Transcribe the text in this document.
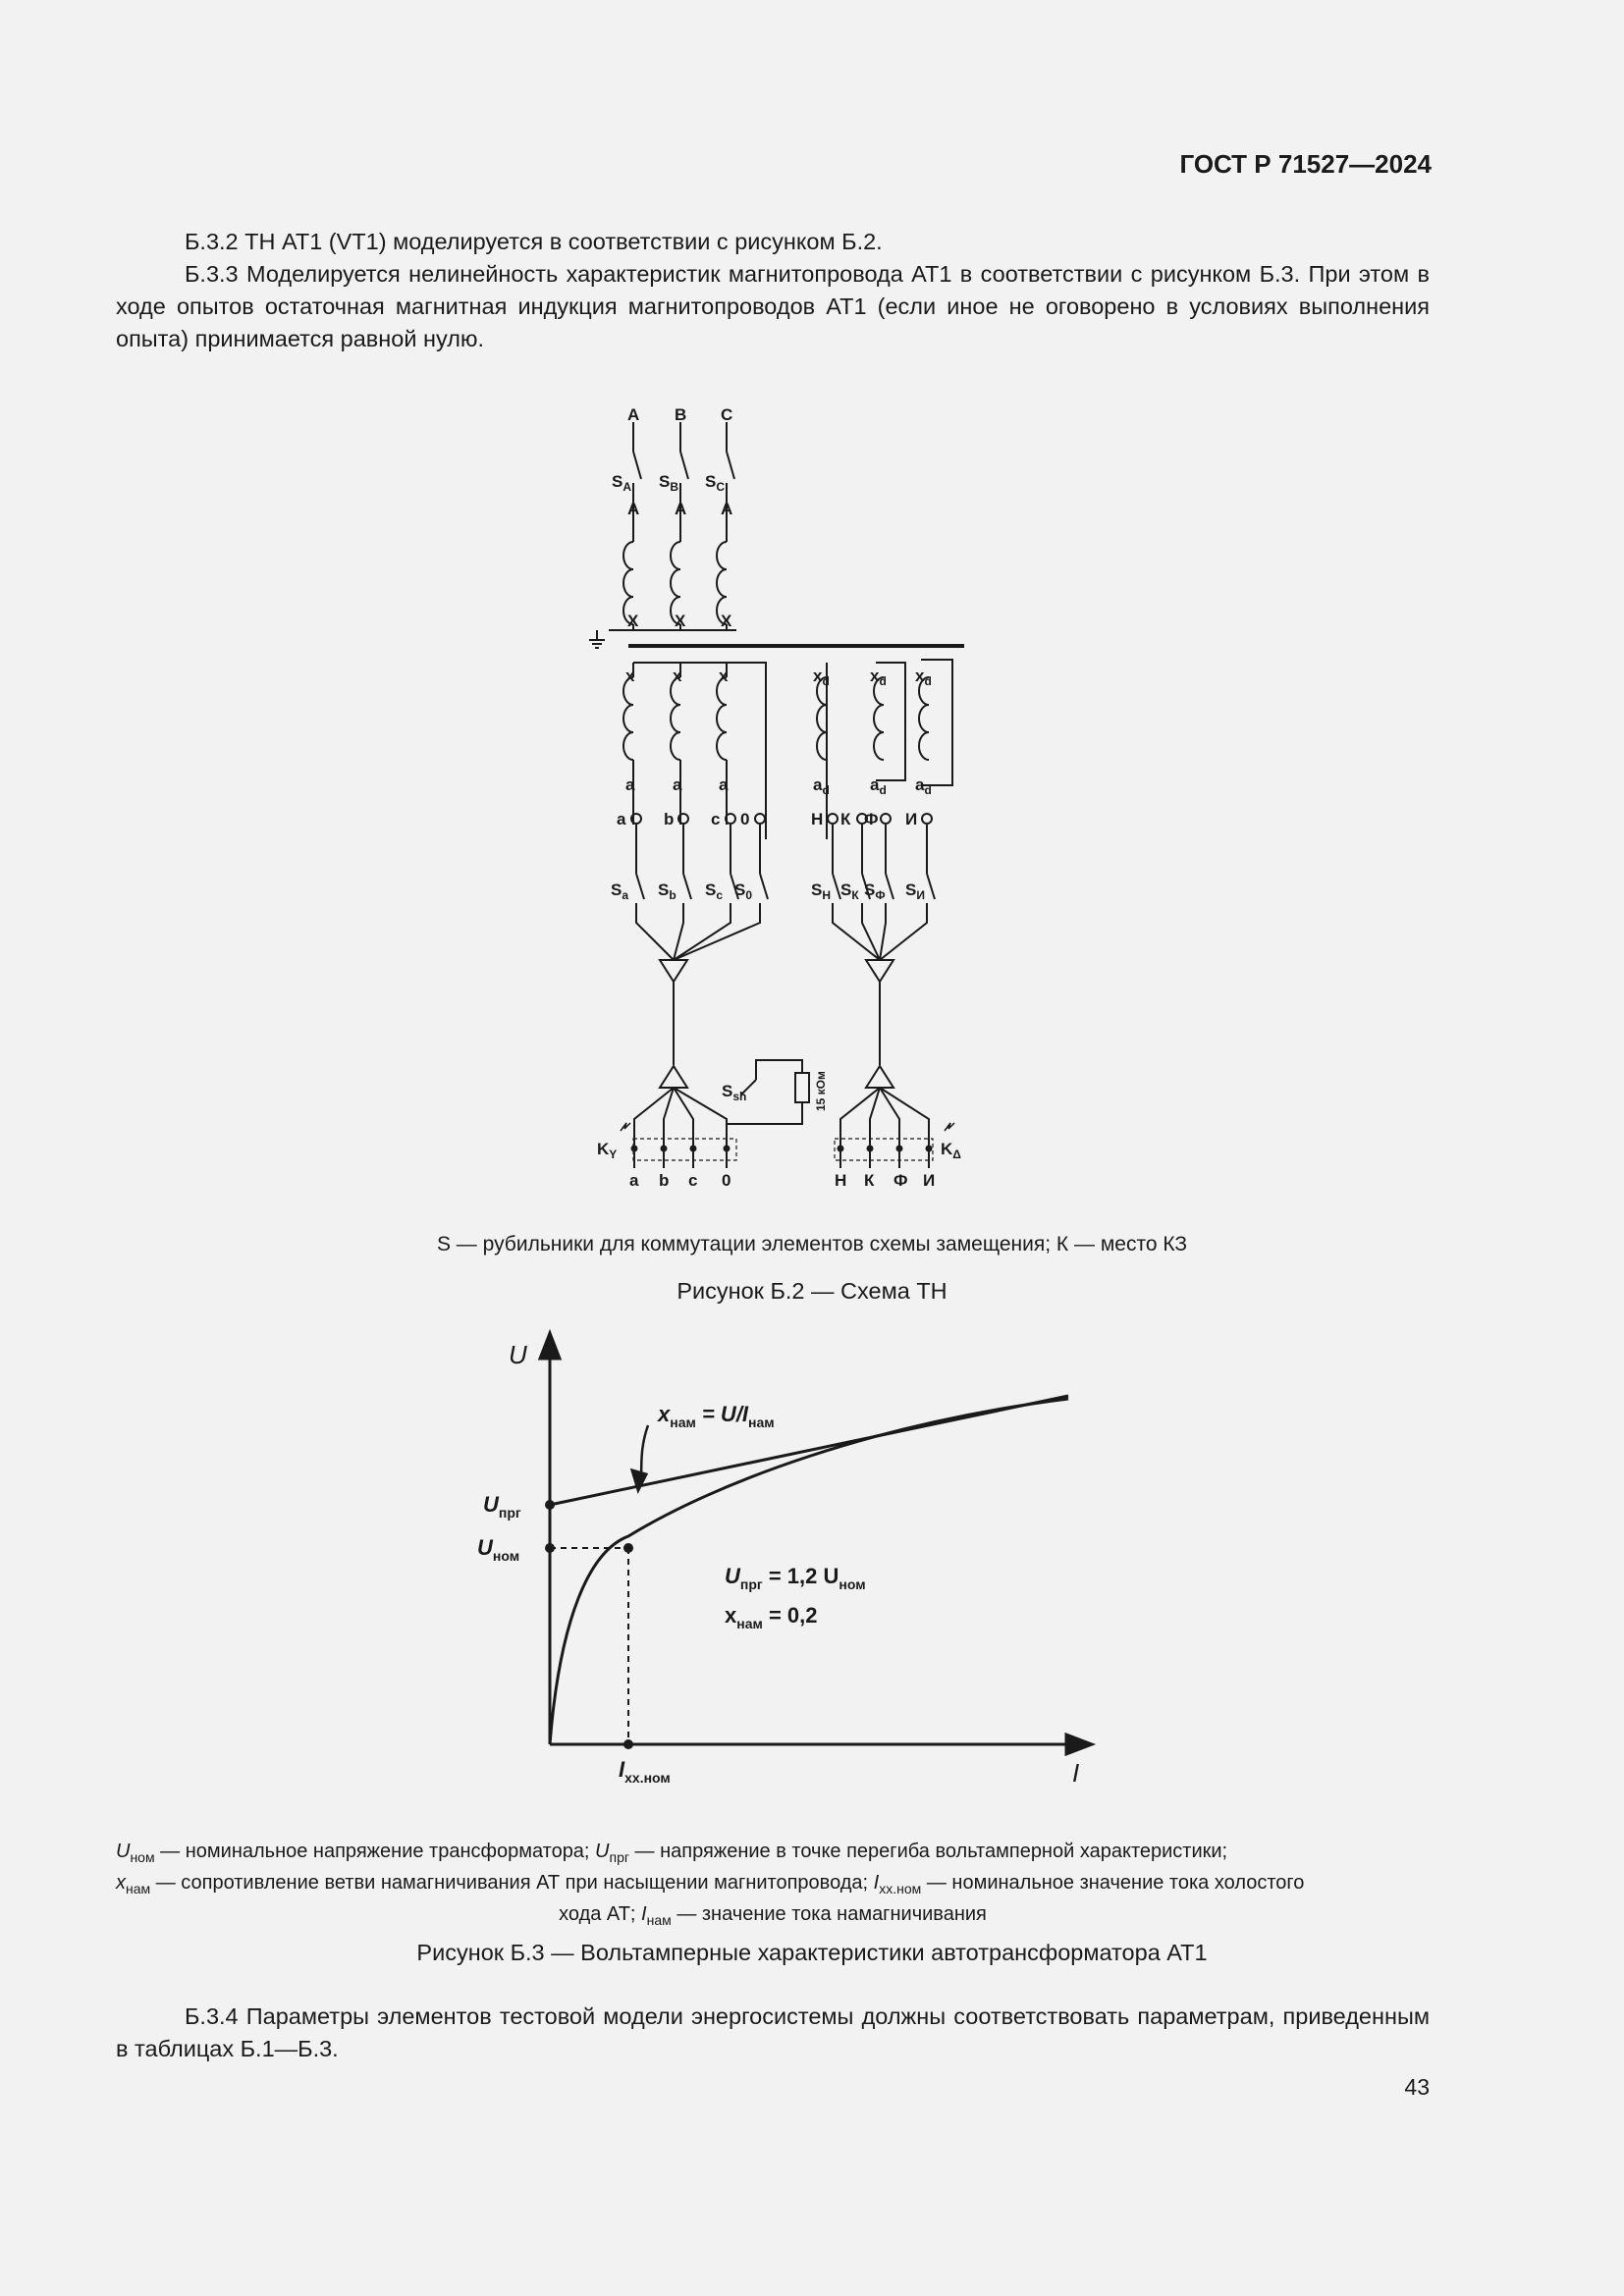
ГОСТ Р 71527—2024
Б.3.2 ТН АТ1 (VT1) моделируется в соответствии с рисунком Б.2.
Б.3.3 Моделируется нелинейность характеристик магнитопровода АТ1 в соответствии с рисунком Б.3. При этом в ходе опытов остаточная магнитная индукция магнитопроводов АТ1 (если иное не оговорено в условиях выполнения опыта) принимается равной нулю.
A
$S_A$
A
X
B
$S_B$
A
X
C
$S_C$
A
X
x
a
x
a
x
a
a
$S_a$
b
$S_b$
c
$S_c$
0
$S_0$
$x_d$
$a_d$
$x_d$
$a_d$
$x_d$
$a_d$
Н
$S_Н$
К
$S_К$
Ф
$S_Ф$
И
$S_И$
a b c 0	Н К Ф И
15 кОм
$S_{sh}$
$K_Y$	$K_\Delta$
S — рубильники для коммутации элементов схемы замещения; К — место КЗ
Рисунок Б.2 — Схема ТН
U
I
$x_{нам} = U/I_{нам}$
$U_{прг}$
$U_{ном}$
$I_{хх.ном}$
$U_{прг} = 1,2$ $U_{ном}$
$x_{нам} = 0,2$
$U_{ном}$ — номинальное напряжение трансформатора; $U_{прг}$ — напряжение в точке перегиба вольтамперной характеристики;
$x_{нам}$ — сопротивление ветви намагничивания АТ при насыщении магнитопровода; $I_{хх.ном}$ — номинальное значение тока холостого
хода АТ; $I_{нам}$ — значение тока намагничивания
Рисунок Б.3 — Вольтамперные характеристики автотрансформатора АТ1
Б.3.4 Параметры элементов тестовой модели энергосистемы должны соответствовать параметрам, приведенным в таблицах Б.1—Б.3.
43
